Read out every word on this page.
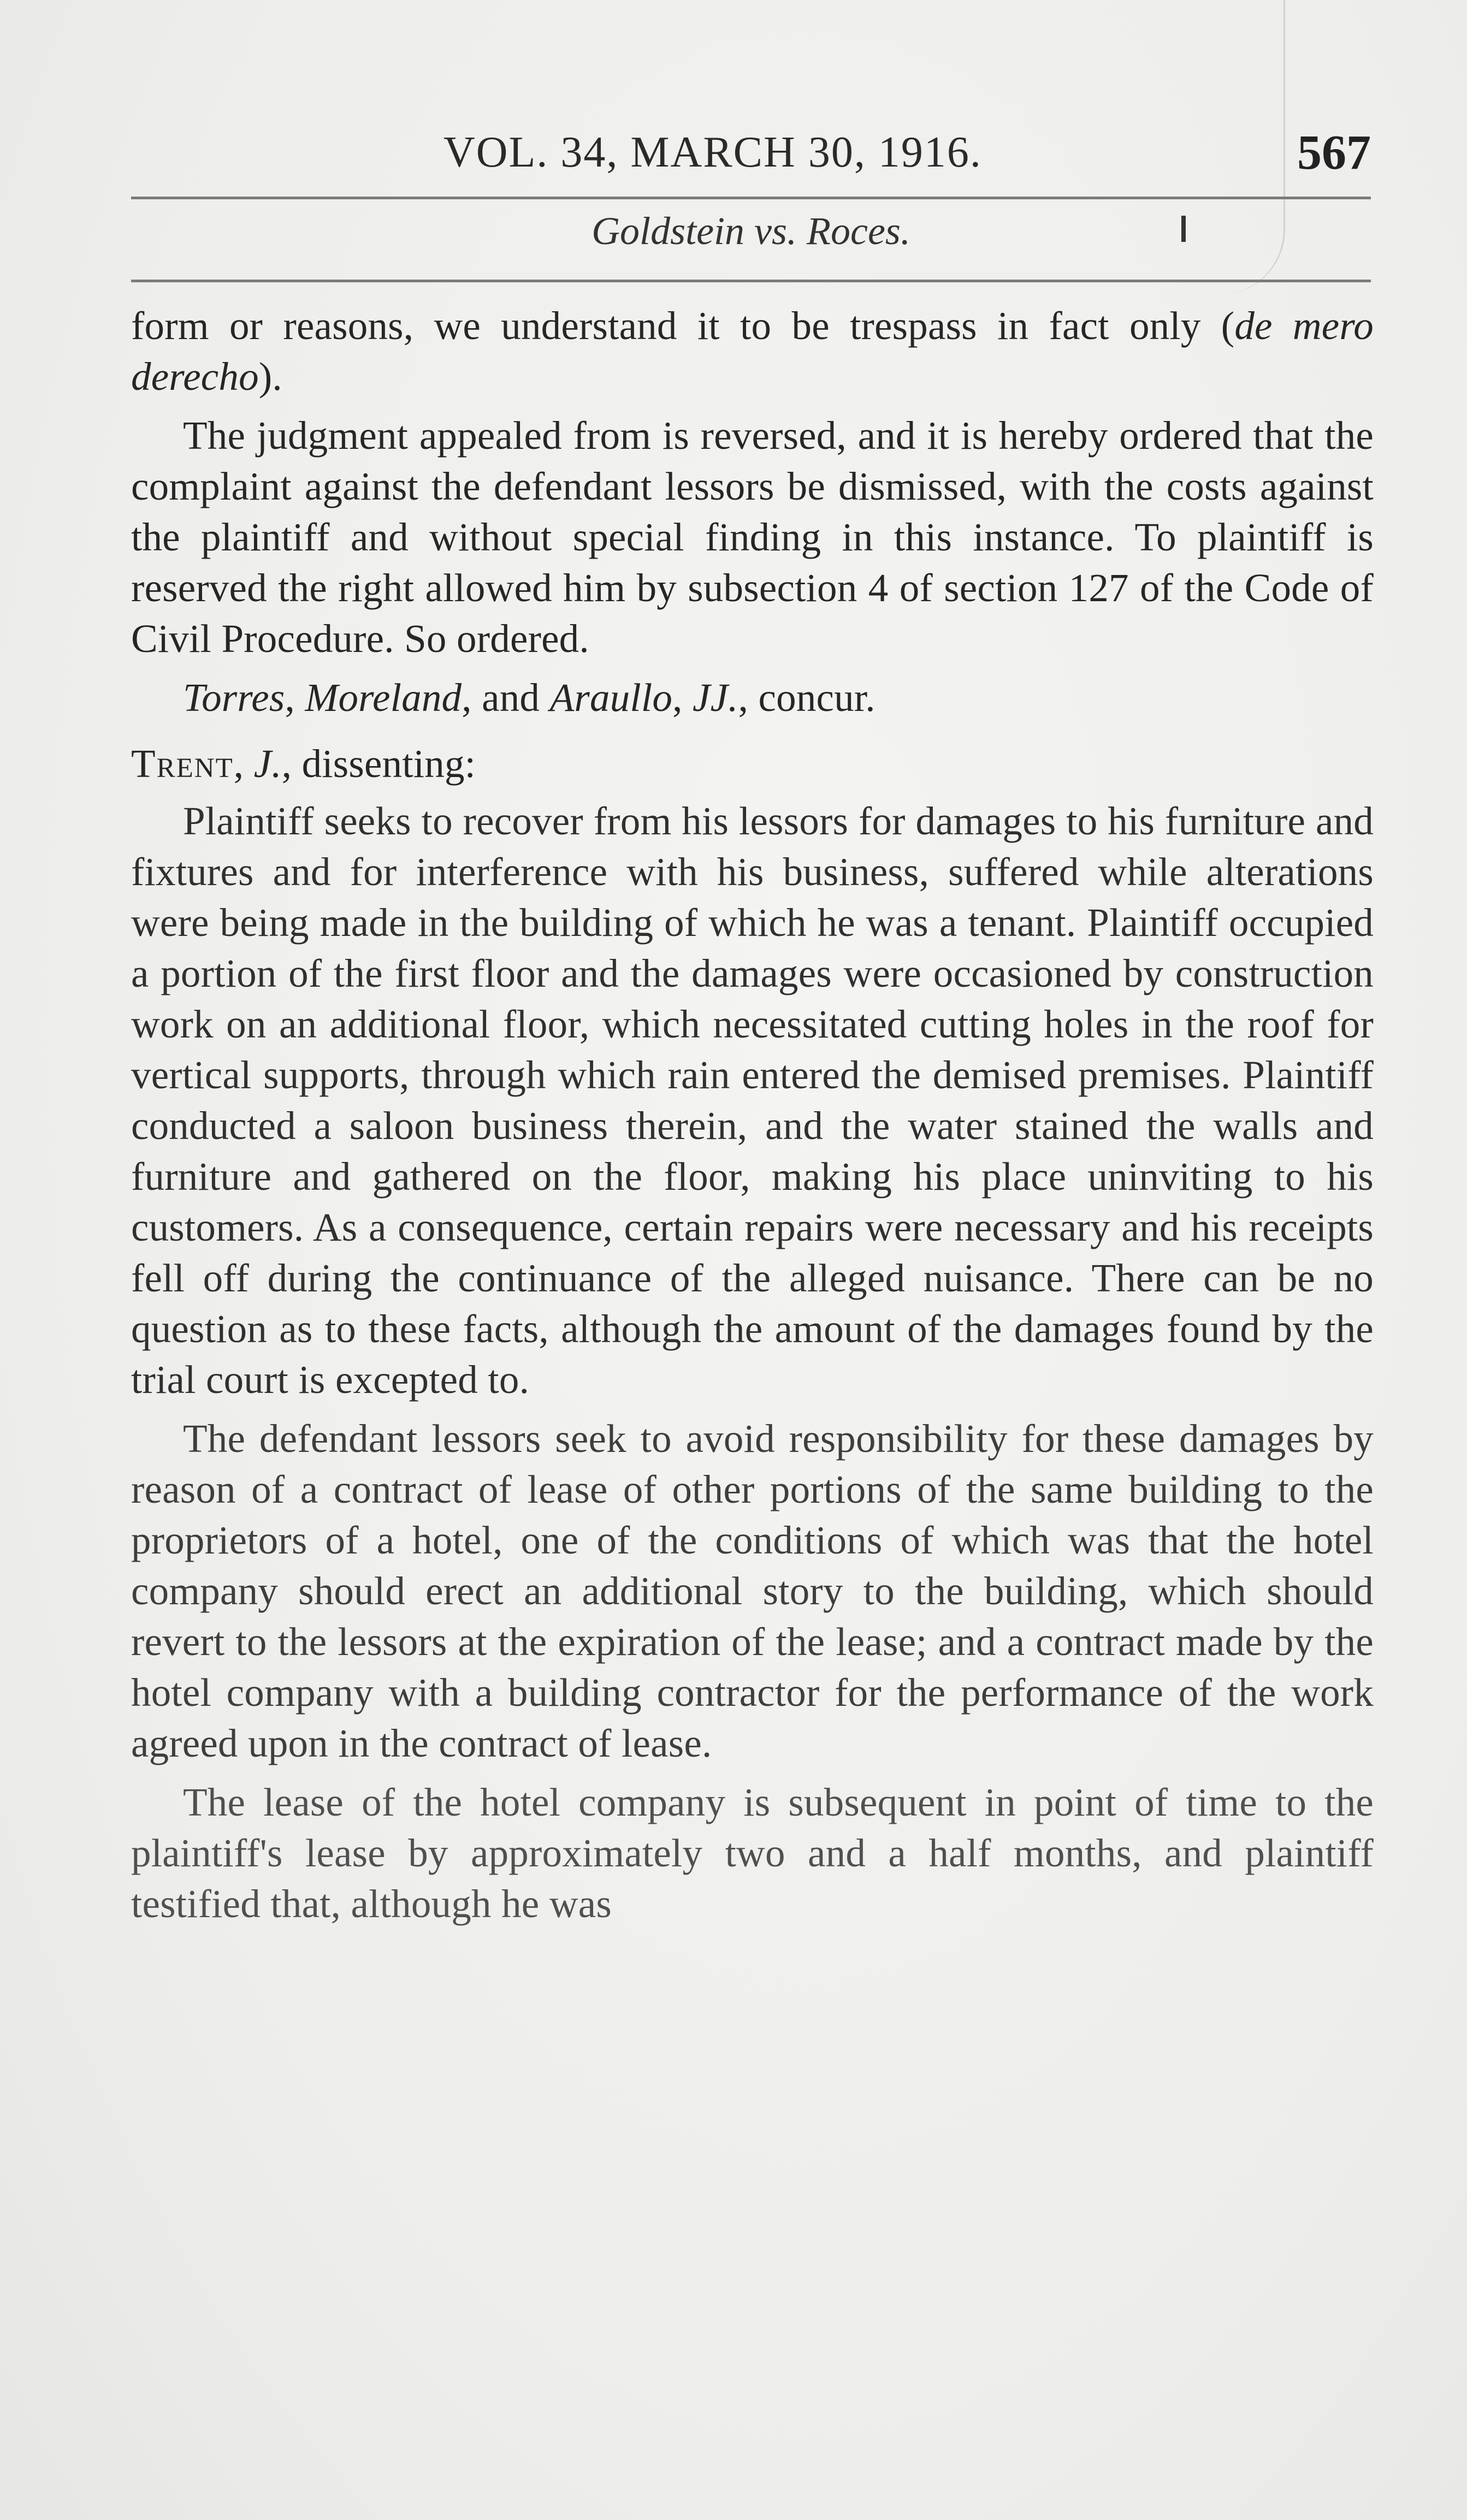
VOL. 34, MARCH 30, 1916.	567
Goldstein vs. Roces.

form or reasons, we understand it to be trespass in fact only (de mero derecho).

The judgment appealed from is reversed, and it is hereby ordered that the complaint against the defendant lessors be dismissed, with the costs against the plaintiff and without special finding in this instance. To plaintiff is reserved the right allowed him by subsection 4 of section 127 of the Code of Civil Procedure. So ordered.

Torres, Moreland, and Araullo, JJ., concur.

Trent, J., dissenting:

Plaintiff seeks to recover from his lessors for damages to his furniture and fixtures and for interference with his business, suffered while alterations were being made in the building of which he was a tenant. Plaintiff occupied a portion of the first floor and the damages were occasioned by construction work on an additional floor, which necessitated cutting holes in the roof for vertical supports, through which rain entered the demised premises. Plaintiff conducted a saloon business therein, and the water stained the walls and furniture and gathered on the floor, making his place uninviting to his customers. As a consequence, certain repairs were necessary and his receipts fell off during the continuance of the alleged nuisance. There can be no question as to these facts, although the amount of the damages found by the trial court is excepted to.

The defendant lessors seek to avoid responsibility for these damages by reason of a contract of lease of other portions of the same building to the proprietors of a hotel, one of the conditions of which was that the hotel company should erect an additional story to the building, which should revert to the lessors at the expiration of the lease; and a contract made by the hotel company with a building contractor for the performance of the work agreed upon in the contract of lease.

The lease of the hotel company is subsequent in point of time to the plaintiff's lease by approximately two and a half months, and plaintiff testified that, although he was
